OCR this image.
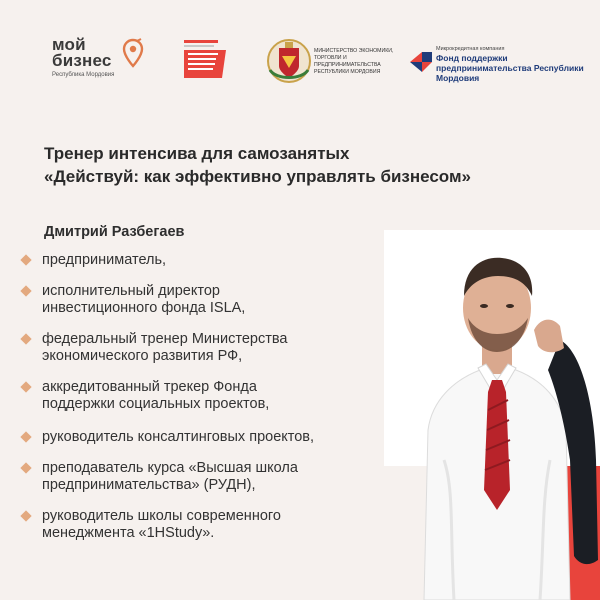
мой
бизнес
Республика Мордовия
МИНИСТЕРСТВО ЭКОНОМИКИ, ТОРГОВЛИ И ПРЕДПРИНИМАТЕЛЬСТВА РЕСПУБЛИКИ МОРДОВИЯ
Микрокредитная компания
Фонд поддержки предпринимательства Республики Мордовия
Тренер интенсива для самозанятых
«Действуй: как эффективно управлять бизнесом»
Дмитрий Разбегаев
предприниматель,
исполнительный директор
инвестиционного фонда ISLA,
федеральный тренер Министерства
экономического развития РФ,
аккредитованный трекер Фонда
поддержки социальных проектов,
руководитель консалтинговых проектов,
преподаватель курса «Высшая школа
предпринимательства» (РУДН),
руководитель школы современного
менеджмента «1HStudy».
